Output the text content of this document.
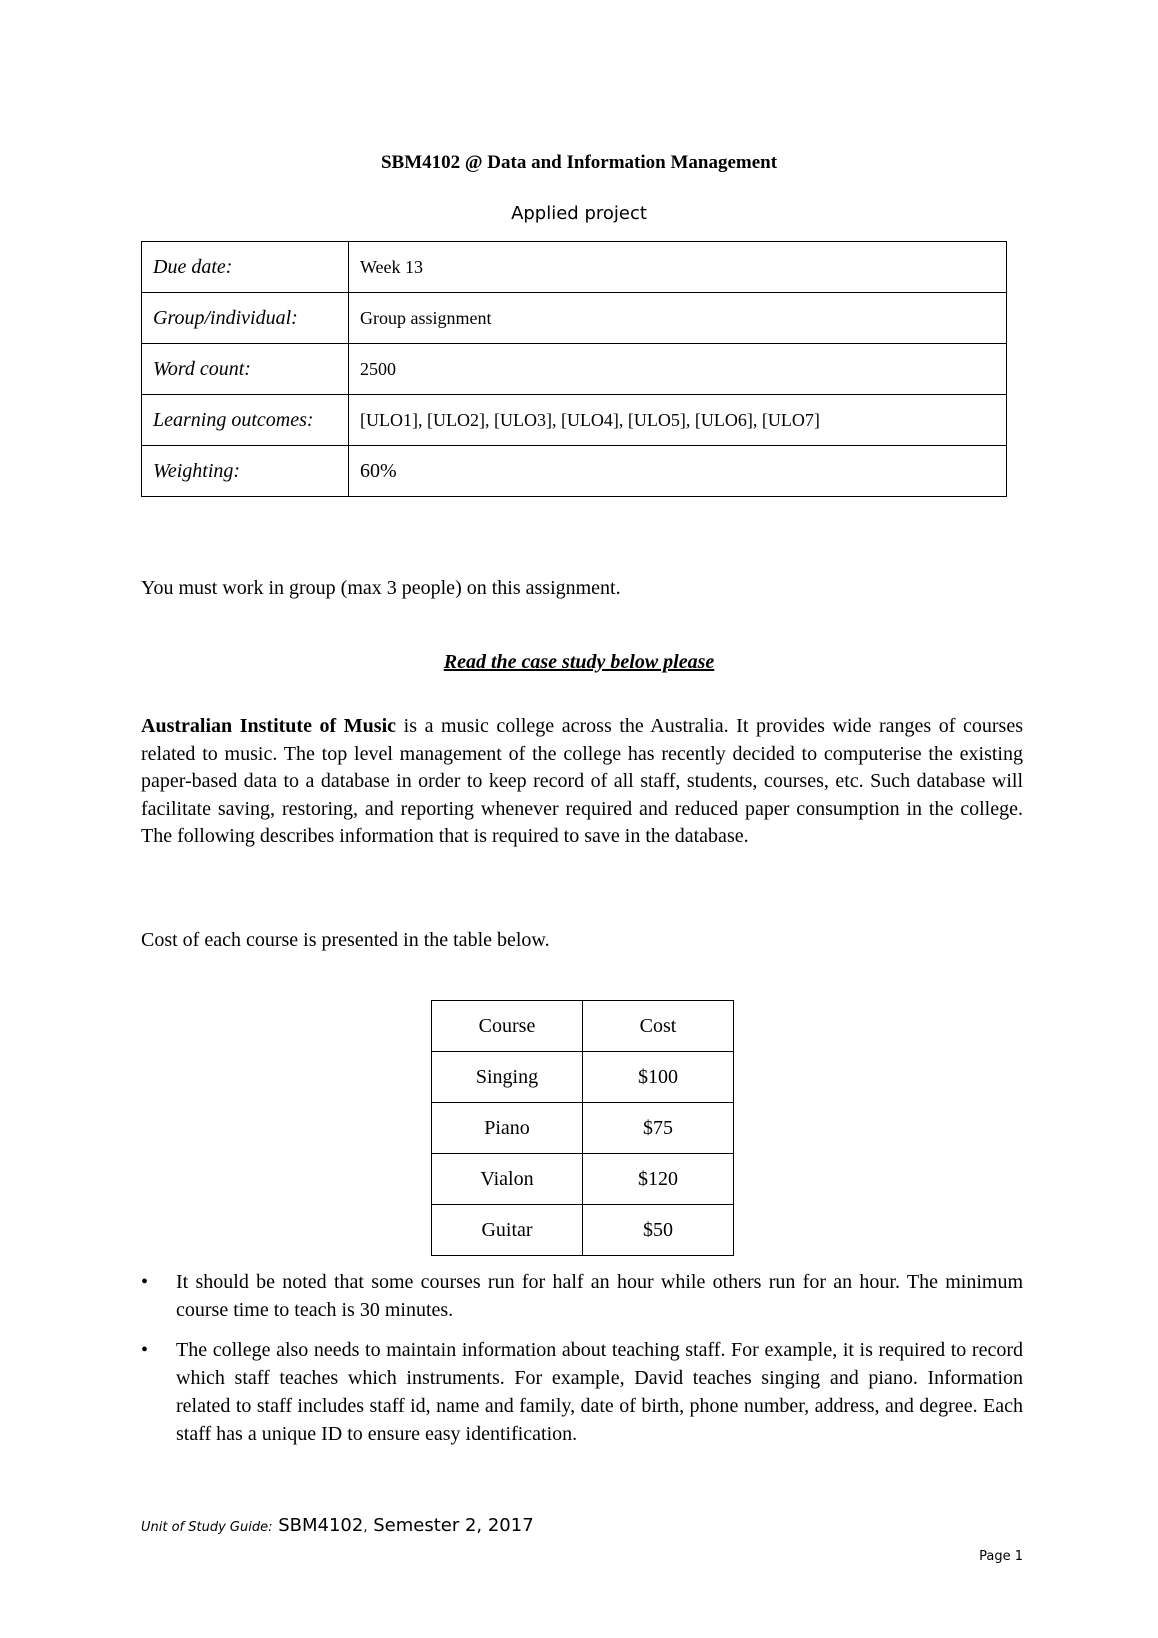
SBM4102 @ Data and Information Management
Applied project
Due date:	Week 13
Group/individual:	Group assignment
Word count:	2500
Learning outcomes:	[ULO1], [ULO2], [ULO3], [ULO4], [ULO5], [ULO6], [ULO7]
Weighting:	60%
You must work in group (max 3 people) on this assignment.
Read the case study below please

Australian Institute of Music is a music college across the Australia. It provides wide ranges of courses related to music. The top level management of the college has recently decided to computerise the existing paper-based data to a database in order to keep record of all staff, students, courses, etc. Such database will facilitate saving, restoring, and reporting whenever required and reduced paper consumption in the college. The following describes information that is required to save in the database.

Cost of each course is presented in the table below.
Course	Cost
Singing	$100
Piano	$75
Vialon	$120
Guitar	$50
• It should be noted that some courses run for half an hour while others run for an hour. The minimum course time to teach is 30 minutes.
• The college also needs to maintain information about teaching staff. For example, it is required to record which staff teaches which instruments. For example, David teaches singing and piano. Information related to staff includes staff id, name and family, date of birth, phone number, address, and degree. Each staff has a unique ID to ensure easy identification.
Unit of Study Guide: SBM4102, Semester 2, 2017
Page 1
